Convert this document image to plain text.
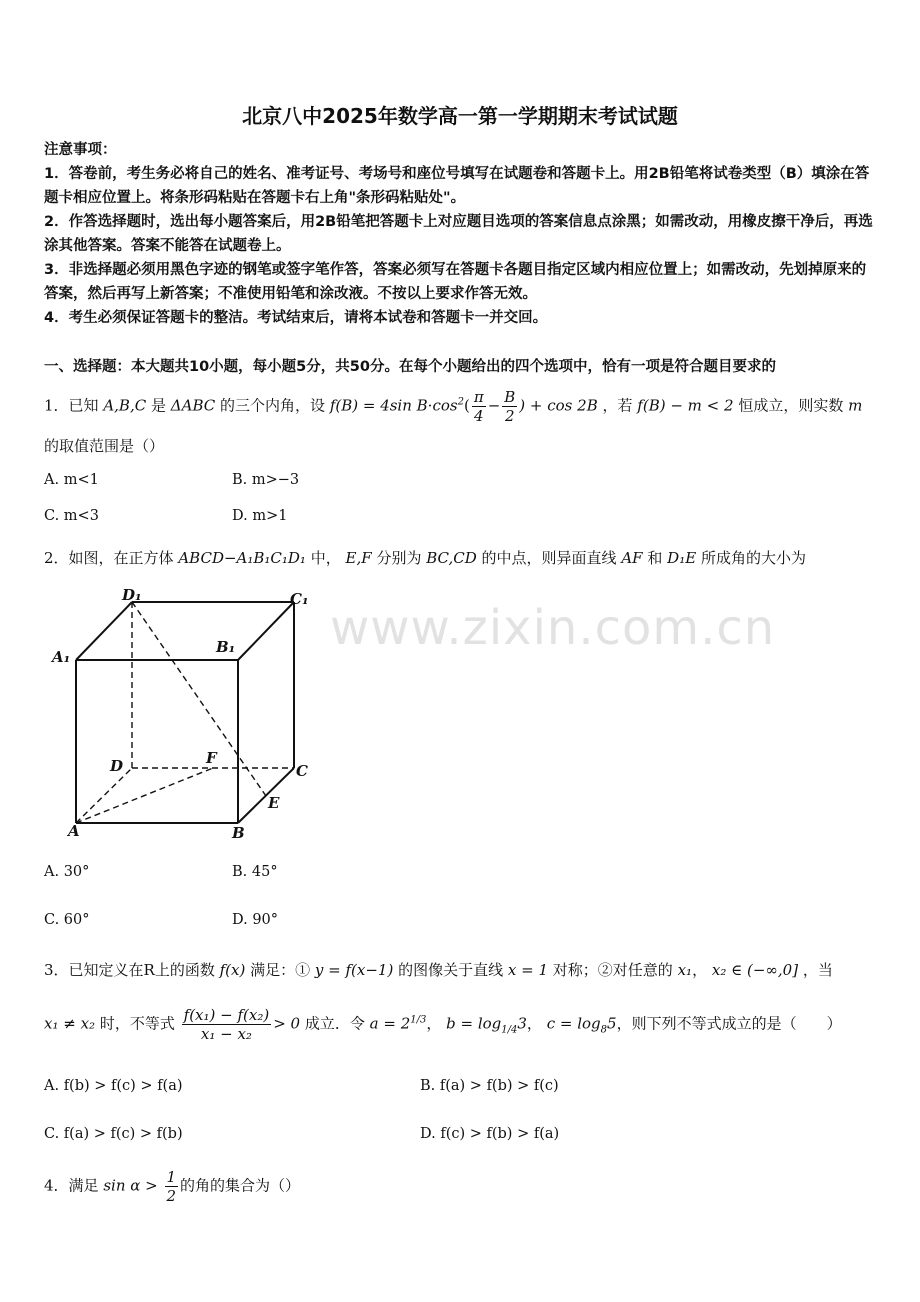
北京八中2025年数学高一第一学期期末考试试题
注意事项：
1．答卷前，考生务必将自己的姓名、准考证号、考场号和座位号填写在试题卷和答题卡上。用2B铅笔将试卷类型（B）填涂在答题卡相应位置上。将条形码粘贴在答题卡右上角"条形码粘贴处"。
2．作答选择题时，选出每小题答案后，用2B铅笔把答题卡上对应题目选项的答案信息点涂黑；如需改动，用橡皮擦干净后，再选涂其他答案。答案不能答在试题卷上。
3．非选择题必须用黑色字迹的钢笔或签字笔作答，答案必须写在答题卡各题目指定区域内相应位置上；如需改动，先划掉原来的答案，然后再写上新答案；不准使用铅笔和涂改液。不按以上要求作答无效。
4．考生必须保证答题卡的整洁。考试结束后，请将本试卷和答题卡一并交回。
一、选择题：本大题共10小题，每小题5分，共50分。在每个小题给出的四个选项中，恰有一项是符合题目要求的
1．已知 A,B,C 是 ΔABC 的三个内角，设 f(B) = 4sin $B\cdot\cos^2( \frac{\pi}{4} - \frac{B}{2}$ ) + cos 2B ，若 f(B) − m < 2 恒成立，则实数 m
的取值范围是（）
A. m<1	B. m>−3
C. m<3	D. m>1
2．如图，在正方体 ABCD−A₁B₁C₁D₁ 中， E,F 分别为 BC,CD 的中点，则异面直线 AF 和 D₁E 所成角的大小为
D₁	C₁
A₁
B₁
D	F
C
E
A	B
www.zixin.com.cn
A. 30°	B. 45°
C. 60°	D. 90°
3．已知定义在R上的函数 f(x) 满足：① y = f(x−1) 的图像关于直线 x = 1 对称；②对任意的 x₁， x₂ ∈ (−∞,0] ，当
x₁ ≠ x₂ 时，不等式 $\frac{\text{f(x₁) − f(x₂)}}{\text{x₁ − x₂}} > 0$ 成立．令 $a = 2^{1/3}$， $b = \log_{1/4}3$， $c = \log_85$，则下列不等式成立的是（　　）
A. f(b) > f(c) > f(a)	B. f(a) > f(b) > f(c)
C. f(a) > f(c) > f(b)	D. f(c) > f(b) > f(a)
4．满足 $\sin \alpha > \frac{1}{2}$ 的角的集合为（）
